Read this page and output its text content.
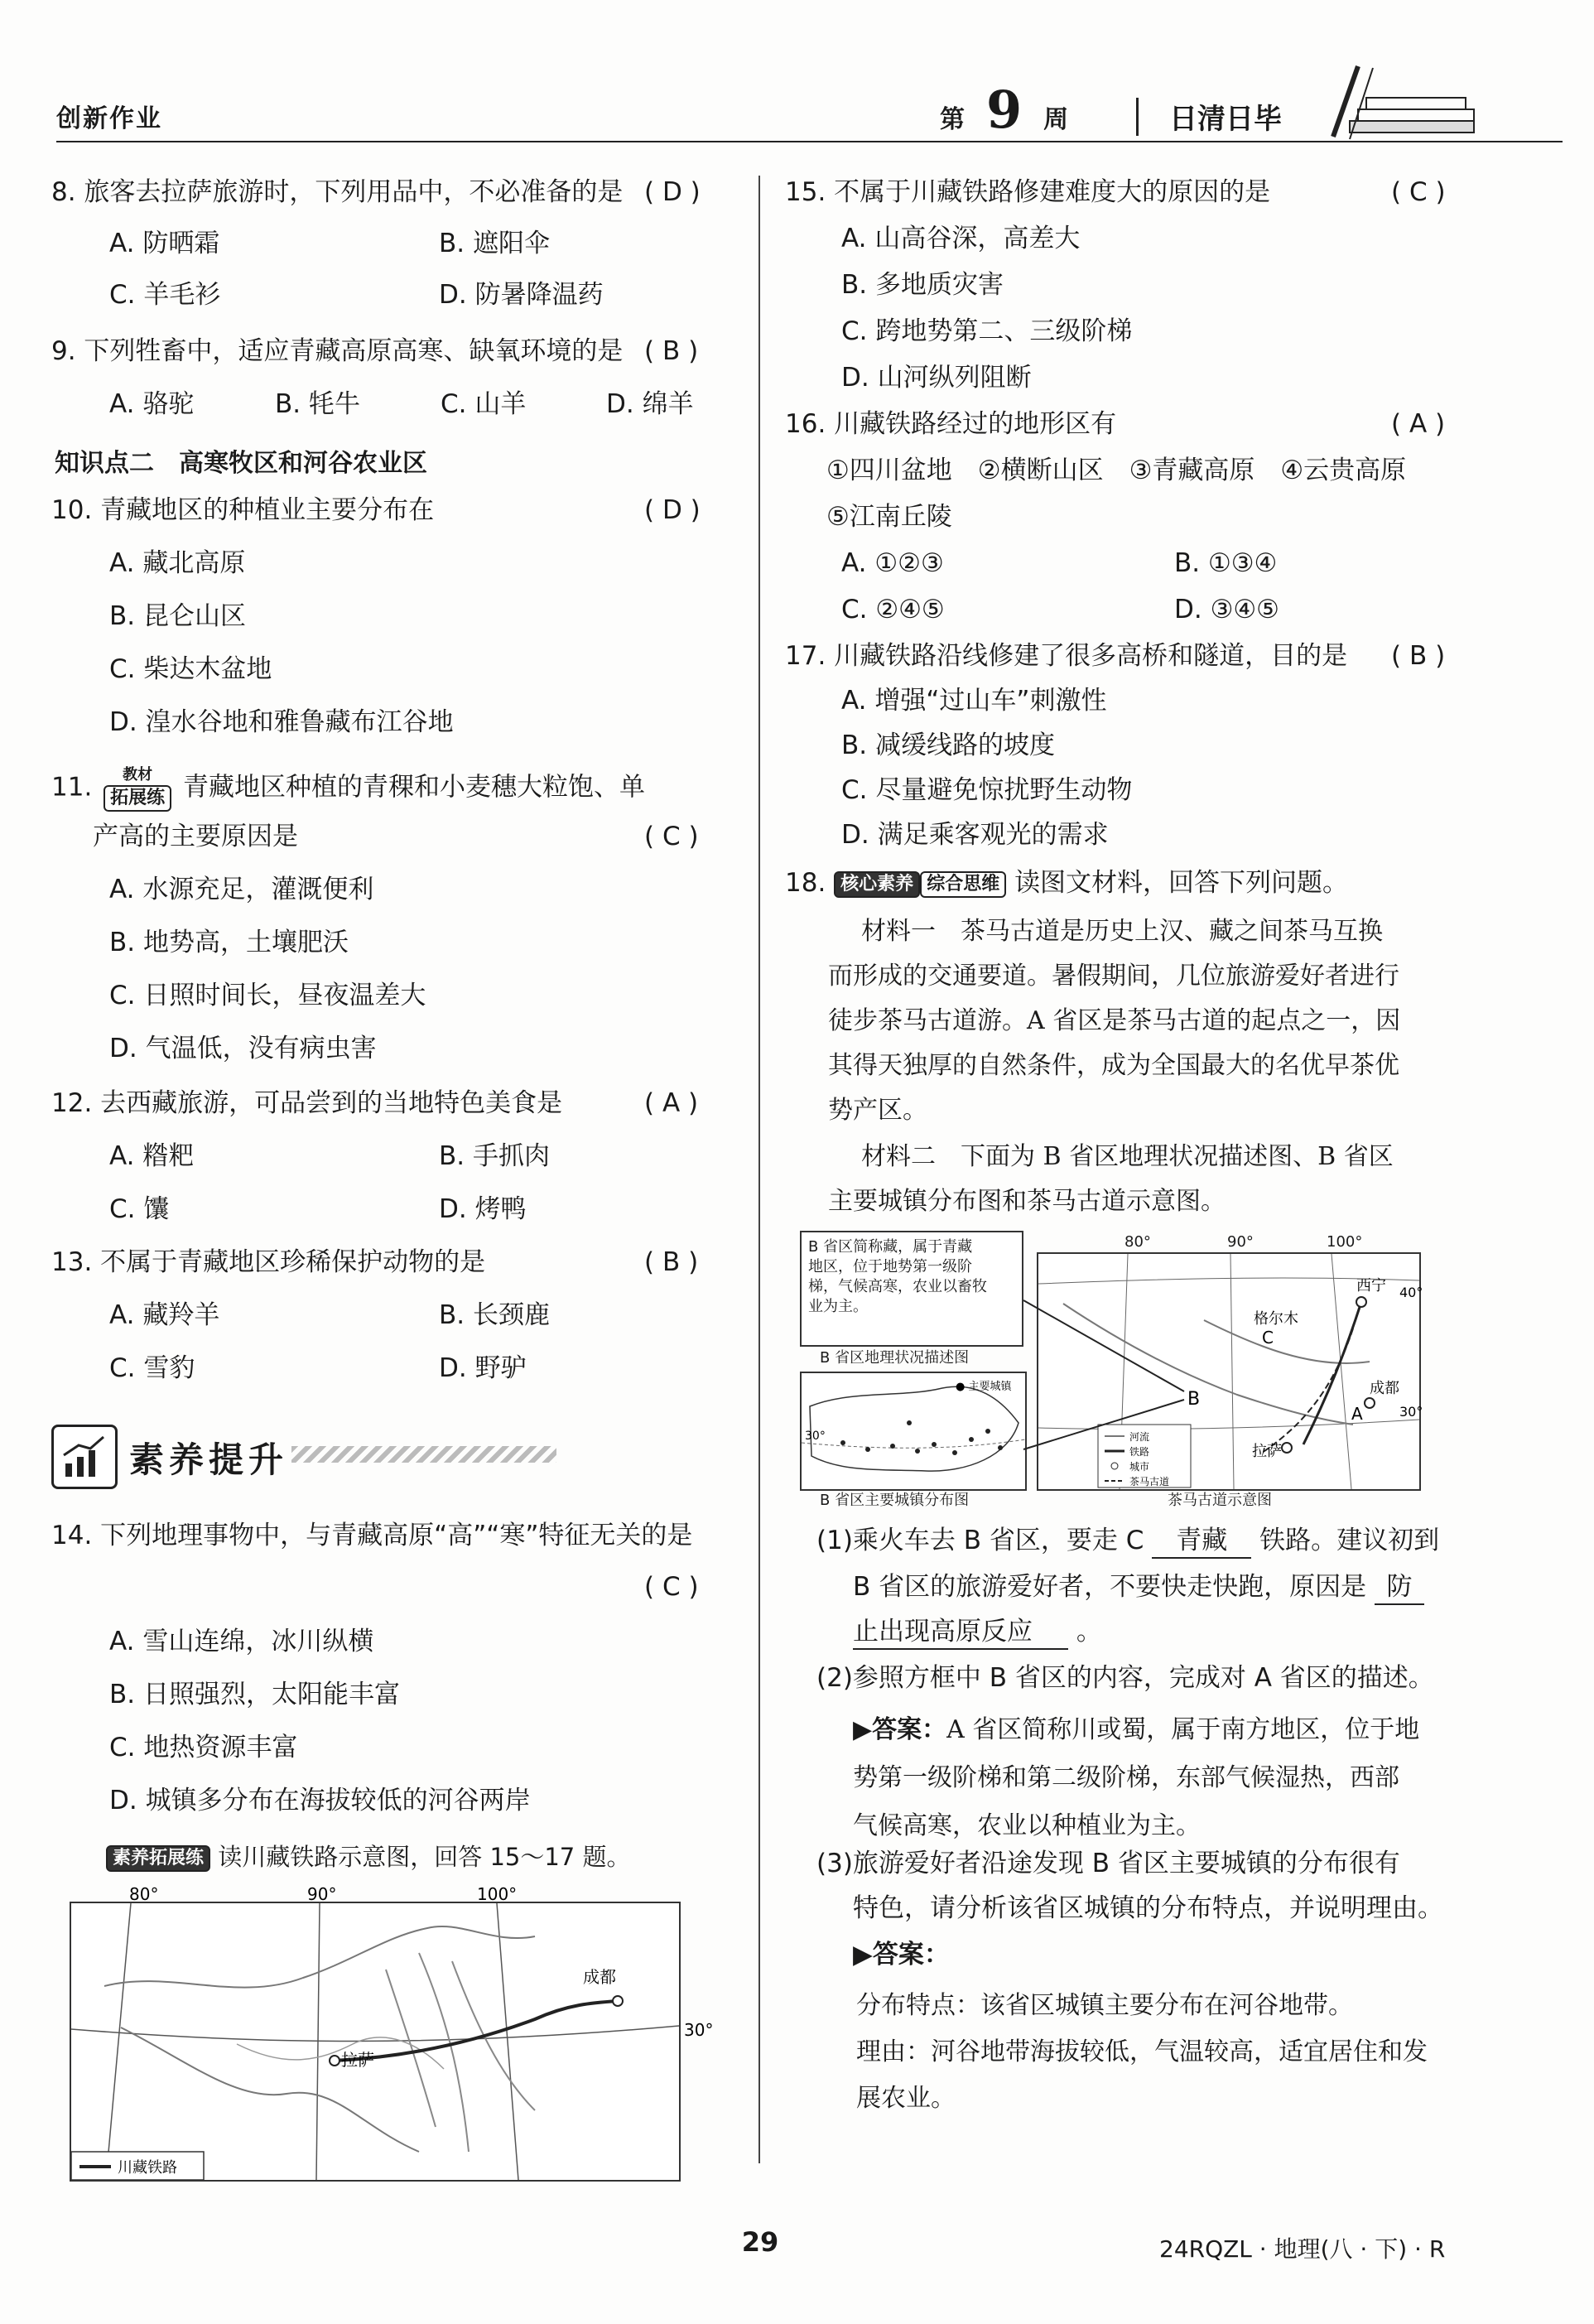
创新作业	第 9 周	日清日毕
8. 旅客去拉萨旅游时，下列用品中，不必准备的是 ( D )
A. 防晒霜	B. 遮阳伞
C. 羊毛衫	D. 防暑降温药
9. 下列牲畜中，适应青藏高原高寒、缺氧环境的是 ( B )
A. 骆驼	B. 牦牛	C. 山羊	D. 绵羊
知识点二　高寒牧区和河谷农业区
10. 青藏地区的种植业主要分布在	( D )
A. 藏北高原
B. 昆仑山区
C. 柴达木盆地
D. 湟水谷地和雅鲁藏布江谷地
11.	教材
拓展练 青藏地区种植的青稞和小麦穗大粒饱、单
产高的主要原因是	( C )
A. 水源充足，灌溉便利
B. 地势高，土壤肥沃
C. 日照时间长，昼夜温差大
D. 气温低，没有病虫害
12. 去西藏旅游，可品尝到的当地特色美食是	( A )
A. 糌粑	B. 手抓肉
C. 馕	D. 烤鸭
13. 不属于青藏地区珍稀保护动物的是	( B )
A. 藏羚羊	B. 长颈鹿
C. 雪豹	D. 野驴
素养提升
14. 下列地理事物中，与青藏高原“高”“寒”特征无关的是
( C )
A. 雪山连绵，冰川纵横
B. 日照强烈，太阳能丰富
C. 地热资源丰富
D. 城镇多分布在海拔较低的河谷两岸
素养拓展练 读川藏铁路示意图，回答 15～17 题。
80°	90°	100°
30°
拉萨
成都
川藏铁路
15. 不属于川藏铁路修建难度大的原因的是	( C )
A. 山高谷深，高差大
B. 多地质灾害
C. 跨地势第二、三级阶梯
D. 山河纵列阻断
16. 川藏铁路经过的地形区有	( A )
①四川盆地　②横断山区　③青藏高原　④云贵高原
⑤江南丘陵
A. ①②③	B. ①③④
C. ②④⑤	D. ③④⑤
17. 川藏铁路沿线修建了很多高桥和隧道，目的是 ( B )
A. 增强“过山车”刺激性
B. 减缓线路的坡度
C. 尽量避免惊扰野生动物
D. 满足乘客观光的需求
18. 核心素养 综合思维 读图文材料，回答下列问题。
材料一　茶马古道是历史上汉、藏之间茶马互换
而形成的交通要道。暑假期间，几位旅游爱好者进行
徒步茶马古道游。A 省区是茶马古道的起点之一，因
其得天独厚的自然条件，成为全国最大的名优早茶优
势产区。
材料二　下面为 B 省区地理状况描述图、B 省区
主要城镇分布图和茶马古道示意图。
B 省区简称藏，属于青藏
地区，位于地势第一级阶
梯，气候高寒，农业以畜牧
业为主。
B 省区地理状况描述图
30°
● 主要城镇
B 省区主要城镇分布图
西宁
格尔木
C
成都
A
拉萨
B
40°
30°
河流
铁路
城市
茶马古道
80°	90°	100°
茶马古道示意图
(1)乘火车去 B 省区，要走 C 青藏 铁路。建议初到
B 省区的旅游爱好者，不要快走快跑，原因是 防
止出现高原反应 。
(2)参照方框中 B 省区的内容，完成对 A 省区的描述。
▶答案：A 省区简称川或蜀，属于南方地区，位于地
势第一级阶梯和第二级阶梯，东部气候湿热，西部
气候高寒，农业以种植业为主。
(3)旅游爱好者沿途发现 B 省区主要城镇的分布很有
特色，请分析该省区城镇的分布特点，并说明理由。
▶答案：
分布特点：该省区城镇主要分布在河谷地带。
理由：河谷地带海拔较低，气温较高，适宜居住和发
展农业。
29	24RQZL · 地理(八 · 下) · R
